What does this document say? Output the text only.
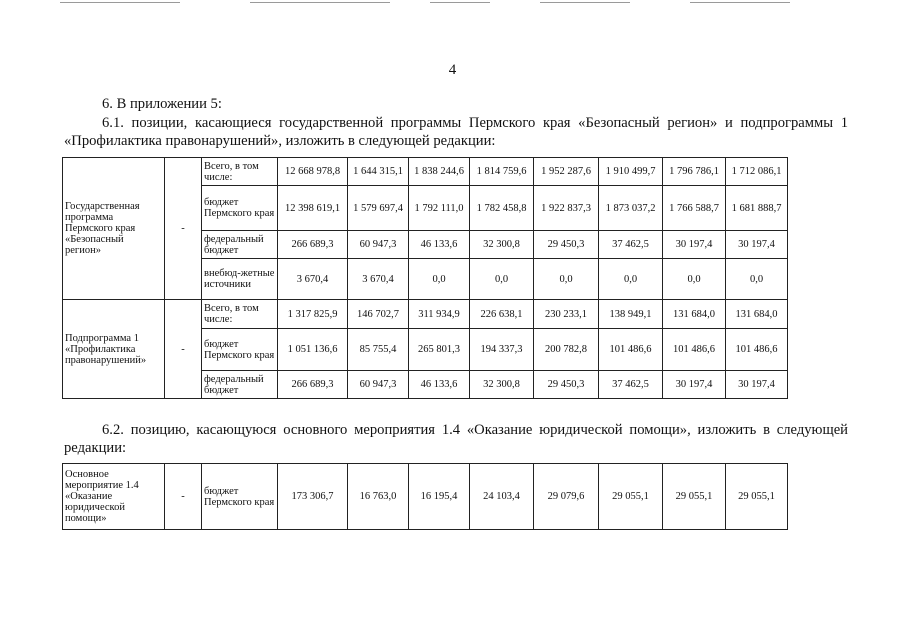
4
6. В приложении 5:
6.1. позиции, касающиеся государственной программы Пермского края «Безопасный регион» и подпрограммы 1
«Профилактика правонарушений», изложить в следующей редакции:
Государственная программа Пермского края «Безопасный регион»	-	Всего, в том числе:	12 668 978,8	1 644 315,1	1 838 244,6	1 814 759,6	1 952 287,6	1 910 499,7	1 796 786,1	1 712 086,1
		бюджет Пермского края	12 398 619,1	1 579 697,4	1 792 111,0	1 782 458,8	1 922 837,3	1 873 037,2	1 766 588,7	1 681 888,7
		федеральный бюджет	266 689,3	60 947,3	46 133,6	32 300,8	29 450,3	37 462,5	30 197,4	30 197,4
		внебюд-жетные источники	3 670,4	3 670,4	0,0	0,0	0,0	0,0	0,0	0,0
Подпрограмма 1 «Профилактика правонарушений»	-	Всего, в том числе:	1 317 825,9	146 702,7	311 934,9	226 638,1	230 233,1	138 949,1	131 684,0	131 684,0
		бюджет Пермского края	1 051 136,6	85 755,4	265 801,3	194 337,3	200 782,8	101 486,6	101 486,6	101 486,6
		федеральный бюджет	266 689,3	60 947,3	46 133,6	32 300,8	29 450,3	37 462,5	30 197,4	30 197,4
6.2. позицию, касающуюся основного мероприятия 1.4 «Оказание юридической помощи», изложить в следующей
редакции:
Основное мероприятие 1.4 «Оказание юридической помощи»	-	бюджет Пермского края	173 306,7	16 763,0	16 195,4	24 103,4	29 079,6	29 055,1	29 055,1	29 055,1
